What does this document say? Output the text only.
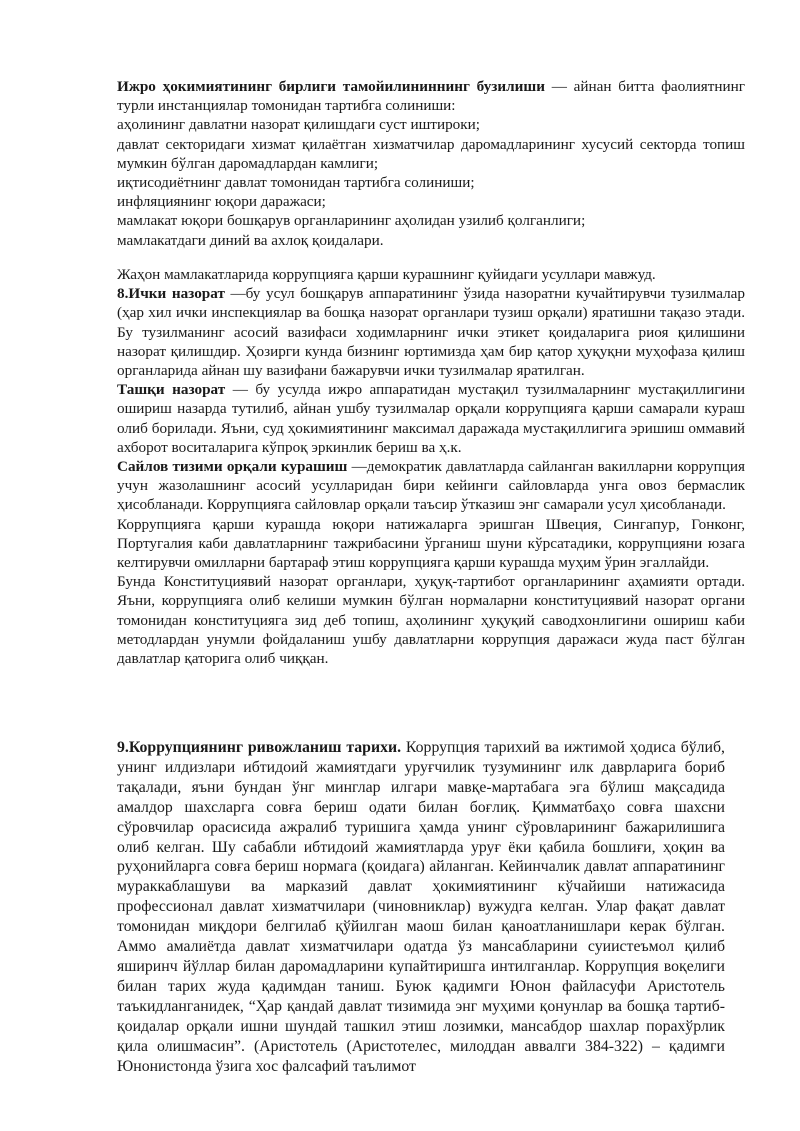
Ижро ҳокимиятининг бирлиги тамойилининнинг бузилиши — айнан битта фаолиятнинг турли инстанциялар томонидан тартибга солиниши:

аҳолининг давлатни назорат қилишдаги суст иштироки;

давлат секторидаги хизмат қилаётган хизматчилар даромадларининг хусусий секторда топиш мумкин бўлган даромадлардан камлиги;

иқтисодиётнинг давлат томонидан тартибга солиниши;

инфляциянинг юқори даражаси;

мамлакат юқори бошқарув органларининг аҳолидан узилиб қолганлиги;

мамлакатдаги диний ва ахлоқ қоидалари.

Жаҳон мамлакатларида коррупцияга қарши курашнинг қуйидаги усуллари мавжуд.

8.Ички назорат —бу усул бошқарув аппаратининг ўзида назоратни кучайтирувчи тузилмалар (ҳар хил ички инспекциялар ва бошқа назорат органлари тузиш орқали) яратишни тақазо этади. Бу тузилманинг асосий вазифаси ходимларнинг ички этикет қоидаларига риоя қилишини назорат қилишдир. Ҳозирги кунда бизнинг юртимизда ҳам бир қатор ҳуқуқни муҳофаза қилиш органларида айнан шу вазифани бажарувчи ички тузилмалар яратилган.

Ташқи назорат — бу усулда ижро аппаратидан мустақил тузилмаларнинг мустақиллигини ошириш назарда тутилиб, айнан ушбу тузилмалар орқали коррупцияга қарши самарали кураш олиб борилади. Яъни, суд ҳокимиятининг максимал даражада мустақиллигига эришиш оммавий ахборот воситаларига кўпроқ эркинлик бериш ва ҳ.к.

Сайлов тизими орқали курашиш —демократик давлатларда сайланган вакилларни коррупция учун жазолашнинг асосий усулларидан бири кейинги сайловларда унга овоз бермаслик ҳисобланади. Коррупцияга сайловлар орқали таъсир ўтказиш энг самарали усул ҳисобланади.

Коррупцияга қарши курашда юқори натижаларга эришган Швеция, Сингапур, Гонконг, Португалия каби давлатларнинг тажрибасини ўрганиш шуни кўрсатадики, коррупцияни юзага келтирувчи омилларни бартараф этиш коррупцияга қарши курашда муҳим ўрин эгаллайди.

Бунда Конституциявий назорат органлари, ҳуқуқ-тартибот органларининг аҳамияти ортади. Яъни, коррупцияга олиб келиши мумкин бўлган нормаларни конституциявий назорат органи томонидан конституцияга зид деб топиш, аҳолининг ҳуқуқий саводхонлигини ошириш каби методлардан унумли фойдаланиш ушбу давлатларни коррупция даражаси жуда паст бўлган давлатлар қаторига олиб чиққан.

9.Коррупциянинг ривожланиш тарихи. Коррупция тарихий ва ижтимой ҳодиса бўлиб, унинг илдизлари ибтидоий жамиятдаги уруғчилик тузумининг илк даврларига бориб тақалади, яъни бундан ўнг минглар илгари мавқе-мартабага эга бўлиш мақсадида амалдор шахсларга совға бериш одати билан боғлиқ. Қимматбаҳо совға шахсни сўровчилар орасисида ажралиб туришига ҳамда унинг сўровларининг бажарилишига олиб келган. Шу сабабли ибтидоий жамиятларда уруғ ёки қабила бошлиғи, ҳоқин ва руҳонийларга совға бериш нормага (қоидага) айланган. Кейинчалик давлат аппаратининг мураккаблашуви ва марказий давлат ҳокимиятининг кўчайиши натижасида профессионал давлат хизматчилари (чиновниклар) вужудга келган. Улар фақат давлат томонидан миқдори белгилаб қўйилган маош билан қаноатланишлари керак бўлган. Аммо амалиётда давлат хизматчилари одатда ўз мансабларини суиистеъмол қилиб яширинч йўллар билан даромадларини купайтиришга интилганлар. Коррупция воқелиги билан тарих жуда қадимдан таниш. Буюк қадимги Юнон файласуфи Аристотель таъкидланганидек, “Ҳар қандай давлат тизимида энг муҳими қонунлар ва бошқа тартиб-қоидалар орқали ишни шундай ташкил этиш лозимки, мансабдор шахлар порахўрлик қила олишмасин”. (Аристотель (Аристотелес, милоддан аввалги 384-322) – қадимги Юнонистонда ўзига хос фалсафий таълимот
